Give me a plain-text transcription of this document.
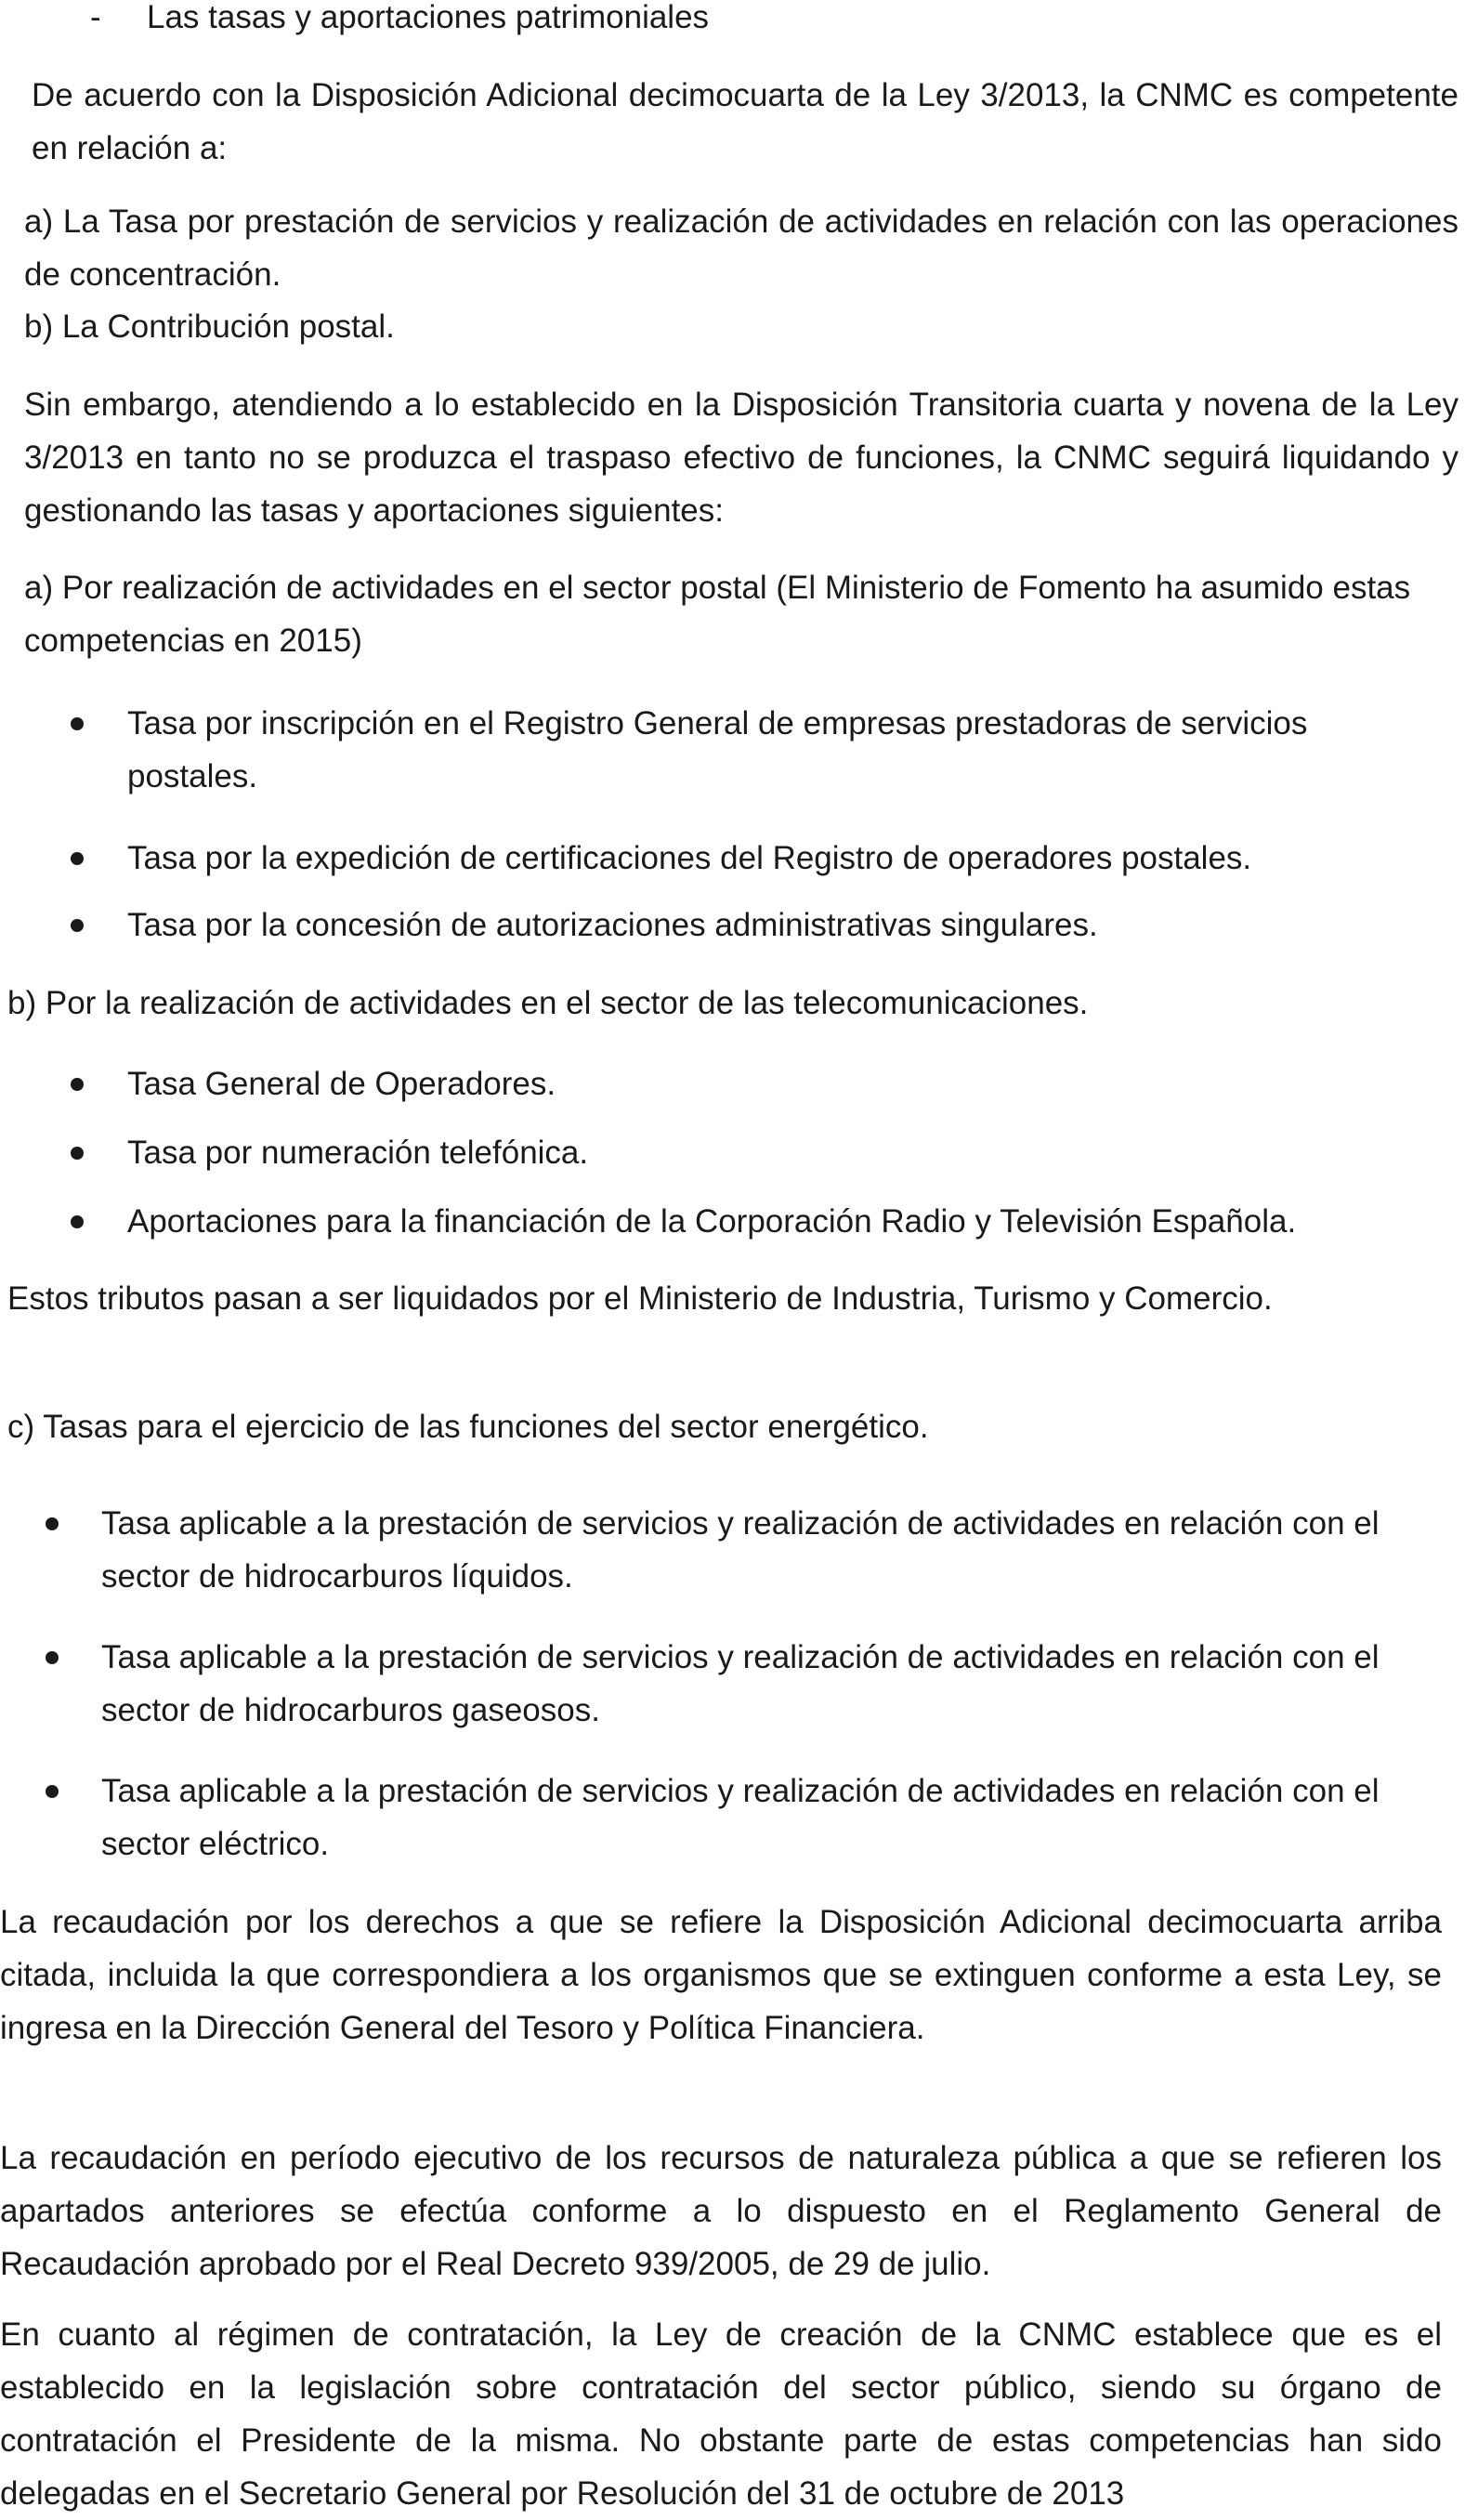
- Las tasas y aportaciones patrimoniales

De acuerdo con la Disposición Adicional decimocuarta de la Ley 3/2013, la CNMC es competente en relación a:

a) La Tasa por prestación de servicios y realización de actividades en relación con las operaciones de concentración.

b) La Contribución postal.

Sin embargo, atendiendo a lo establecido en la Disposición Transitoria cuarta y novena de la Ley 3/2013 en tanto no se produzca el traspaso efectivo de funciones, la CNMC seguirá liquidando y gestionando las tasas y aportaciones siguientes:

a) Por realización de actividades en el sector postal (El Ministerio de Fomento ha asumido estas competencias en 2015)

Tasa por inscripción en el Registro General de empresas prestadoras de servicios postales.

Tasa por la expedición de certificaciones del Registro de operadores postales.

Tasa por la concesión de autorizaciones administrativas singulares.

b) Por la realización de actividades en el sector de las telecomunicaciones.

Tasa General de Operadores.

Tasa por numeración telefónica.

Aportaciones para la financiación de la Corporación Radio y Televisión Española.

Estos tributos pasan a ser liquidados por el Ministerio de Industria, Turismo y Comercio.

c) Tasas para el ejercicio de las funciones del sector energético.

Tasa aplicable a la prestación de servicios y realización de actividades en relación con el sector de hidrocarburos líquidos.

Tasa aplicable a la prestación de servicios y realización de actividades en relación con el sector de hidrocarburos gaseosos.

Tasa aplicable a la prestación de servicios y realización de actividades en relación con el sector eléctrico.

La recaudación por los derechos a que se refiere la Disposición Adicional decimocuarta arriba citada, incluida la que correspondiera a los organismos que se extinguen conforme a esta Ley, se ingresa en la Dirección General del Tesoro y Política Financiera.

La recaudación en período ejecutivo de los recursos de naturaleza pública a que se refieren los apartados anteriores se efectúa conforme a lo dispuesto en el Reglamento General de Recaudación aprobado por el Real Decreto 939/2005, de 29 de julio.

En cuanto al régimen de contratación, la Ley de creación de la CNMC establece que es el establecido en la legislación sobre contratación del sector público, siendo su órgano de contratación el Presidente de la misma. No obstante parte de estas competencias han sido delegadas en el Secretario General por Resolución del 31 de octubre de 2013
